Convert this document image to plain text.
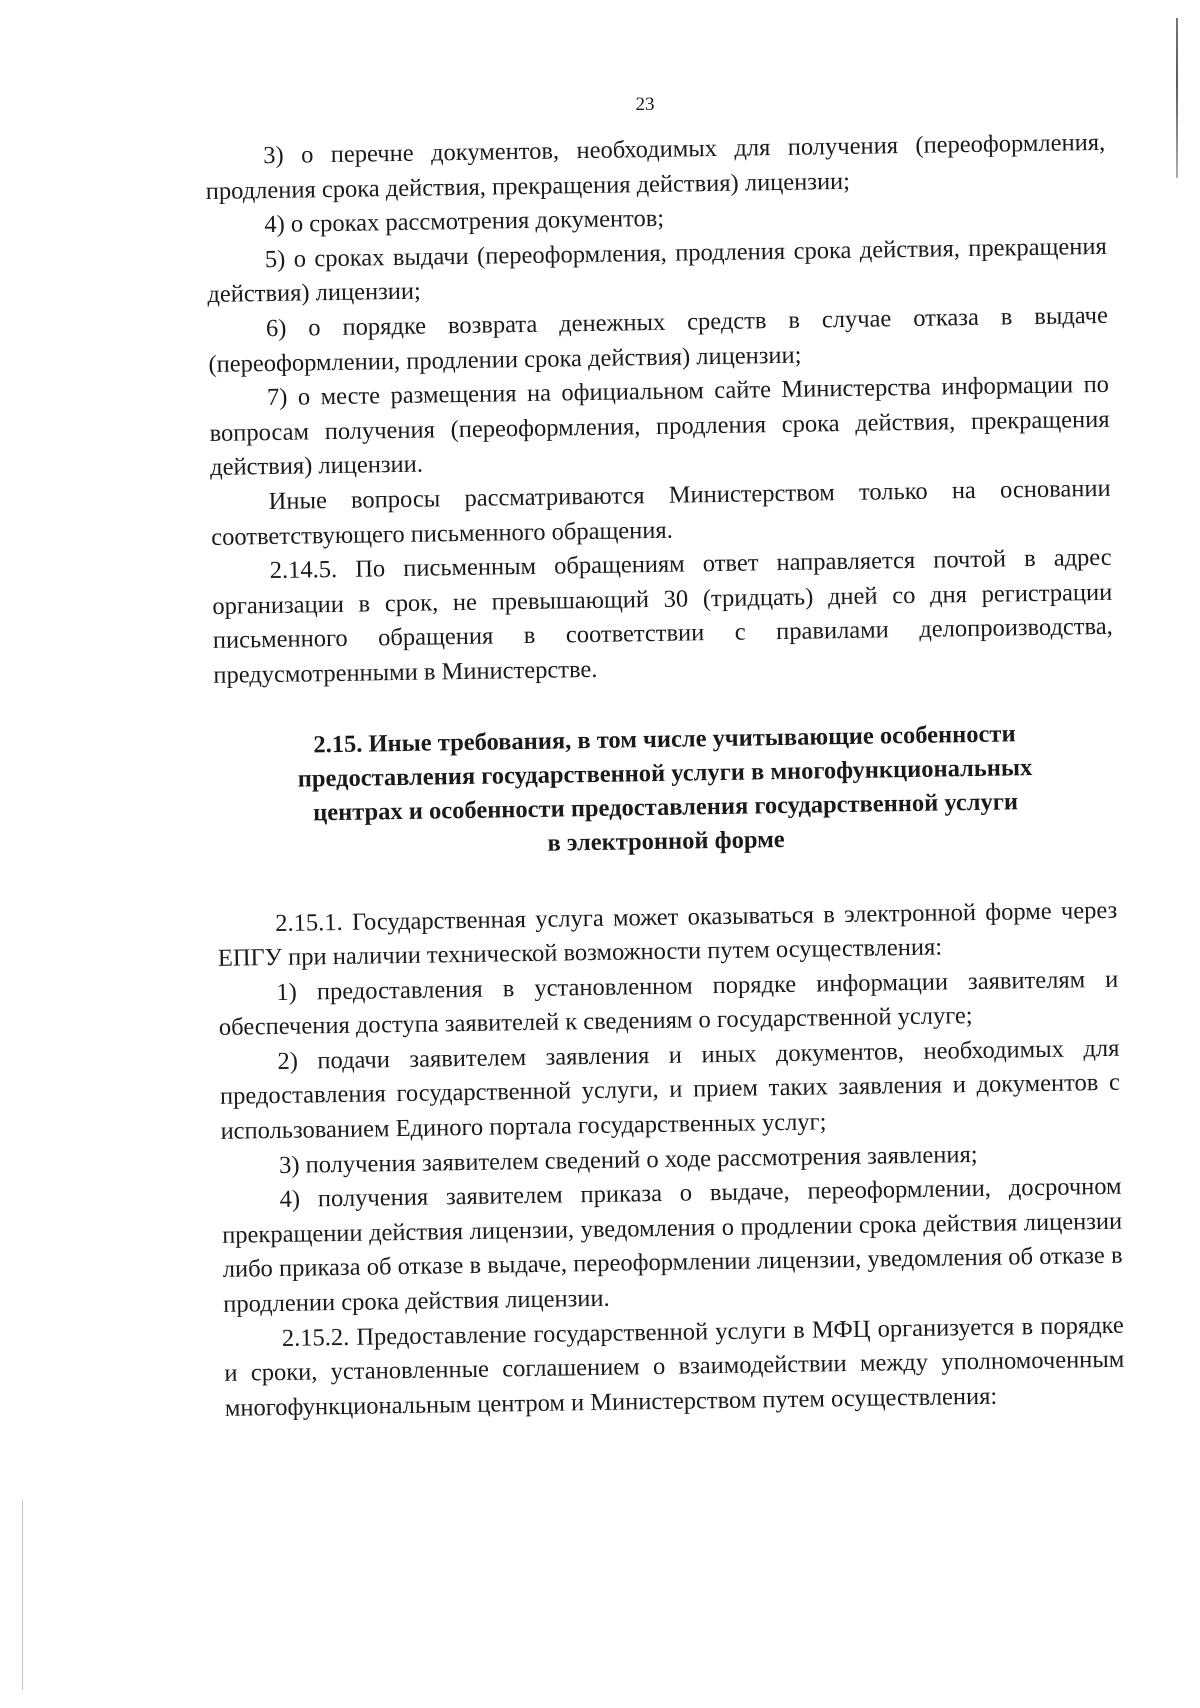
23

3) о перечне документов, необходимых для получения (переоформления, продления срока действия, прекращения действия) лицензии;

4) о сроках рассмотрения документов;

5) о сроках выдачи (переоформления, продления срока действия, прекращения действия) лицензии;

6) о порядке возврата денежных средств в случае отказа в выдаче (переоформлении, продлении срока действия) лицензии;

7) о месте размещения на официальном сайте Министерства информации по вопросам получения (переоформления, продления срока действия, прекращения действия) лицензии.

Иные вопросы рассматриваются Министерством только на основании соответствующего письменного обращения.

2.14.5. По письменным обращениям ответ направляется почтой в адрес организации в срок, не превышающий 30 (тридцать) дней со дня регистрации письменного обращения в соответствии с правилами делопроизводства, предусмотренными в Министерстве.

2.15. Иные требования, в том числе учитывающие особенности
предоставления государственной услуги в многофункциональных
центрах и особенности предоставления государственной услуги
в электронной форме

2.15.1. Государственная услуга может оказываться в электронной форме через ЕПГУ при наличии технической возможности путем осуществления:

1) предоставления в установленном порядке информации заявителям и обеспечения доступа заявителей к сведениям о государственной услуге;

2) подачи заявителем заявления и иных документов, необходимых для предоставления государственной услуги, и прием таких заявления и документов с использованием Единого портала государственных услуг;

3) получения заявителем сведений о ходе рассмотрения заявления;

4) получения заявителем приказа о выдаче, переоформлении, досрочном прекращении действия лицензии, уведомления о продлении срока действия лицензии либо приказа об отказе в выдаче, переоформлении лицензии, уведомления об отказе в продлении срока действия лицензии.

2.15.2. Предоставление государственной услуги в МФЦ организуется в порядке и сроки, установленные соглашением о взаимодействии между уполномоченным многофункциональным центром и Министерством путем осуществления:
